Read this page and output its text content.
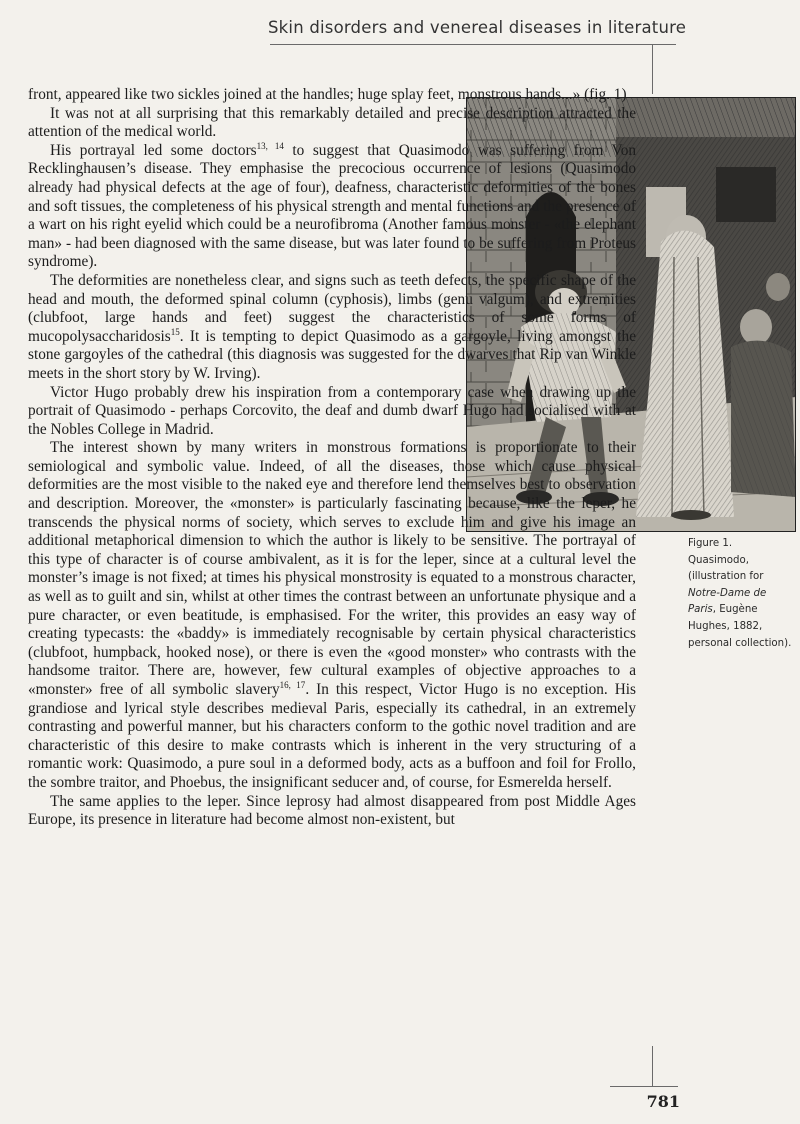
Skin disorders and venereal diseases in literature
Figure 1. Quasimodo, (illustration for Notre-Dame de Paris, Eugène Hughes, 1882, personal collection).

front, appeared like two sickles joined at the handles; huge splay feet, monstrous hands...» (fig. 1)

It was not at all surprising that this remarkably detailed and precise description attracted the attention of the medical world.

His portrayal led some doctors$^{13, 14}$ to suggest that Quasimodo was suffering from Von Recklinghausen’s disease. They emphasise the precocious occurrence of lesions (Quasimodo already had physical defects at the age of four), deafness, characteristic deformities of the bones and soft tissues, the completeness of his physical strength and mental functions and the presence of a wart on his right eyelid which could be a neurofibroma (Another famous monster - «the elephant man» - had been diagnosed with the same disease, but was later found to be suffering from Proteus syndrome).

The deformities are nonetheless clear, and signs such as teeth defects, the specific shape of the head and mouth, the deformed spinal column (cyphosis), limbs (genu valgum), and extremities (clubfoot, large hands and feet) suggest the characteristics of some forms of mucopolysaccharidosis$^{15}$. It is tempting to depict Quasimodo as a gargoyle, living amongst the stone gargoyles of the cathedral (this diagnosis was suggested for the dwarves that Rip van Winkle meets in the short story by W. Irving).

Victor Hugo probably drew his inspiration from a contemporary case when drawing up the portrait of Quasimodo - perhaps Corcovito, the deaf and dumb dwarf Hugo had socialised with at the Nobles College in Madrid.

The interest shown by many writers in monstrous formations is proportionate to their semiological and symbolic value. Indeed, of all the diseases, those which cause physical deformities are the most visible to the naked eye and therefore lend themselves best to observation and description. Moreover, the «monster» is particularly fascinating because, like the leper, he transcends the physical norms of society, which serves to exclude him and give his image an additional metaphorical dimension to which the author is likely to be sensitive. The portrayal of this type of character is of course ambivalent, as it is for the leper, since at a cultural level the monster’s image is not fixed; at times his physical monstrosity is equated to a monstrous character, as well as to guilt and sin, whilst at other times the contrast between an unfortunate physique and a pure character, or even beatitude, is emphasised. For the writer, this provides an easy way of creating typecasts: the «baddy» is immediately recognisable by certain physical characteristics (clubfoot, humpback, hooked nose), or there is even the «good monster» who contrasts with the handsome traitor. There are, however, few cultural examples of objective approaches to a «monster» free of all symbolic slavery$^{16, 17}$. In this respect, Victor Hugo is no exception. His grandiose and lyrical style describes medieval Paris, especially its cathedral, in an extremely contrasting and powerful manner, but his characters conform to the gothic novel tradition and are characteristic of this desire to make contrasts which is inherent in the very structuring of a romantic work: Quasimodo, a pure soul in a deformed body, acts as a buffoon and foil for Frollo, the sombre traitor, and Phoebus, the insignificant seducer and, of course, for Esmerelda herself.

The same applies to the leper. Since leprosy had almost disappeared from post Middle Ages Europe, its presence in literature had become almost non-existent, but

781
